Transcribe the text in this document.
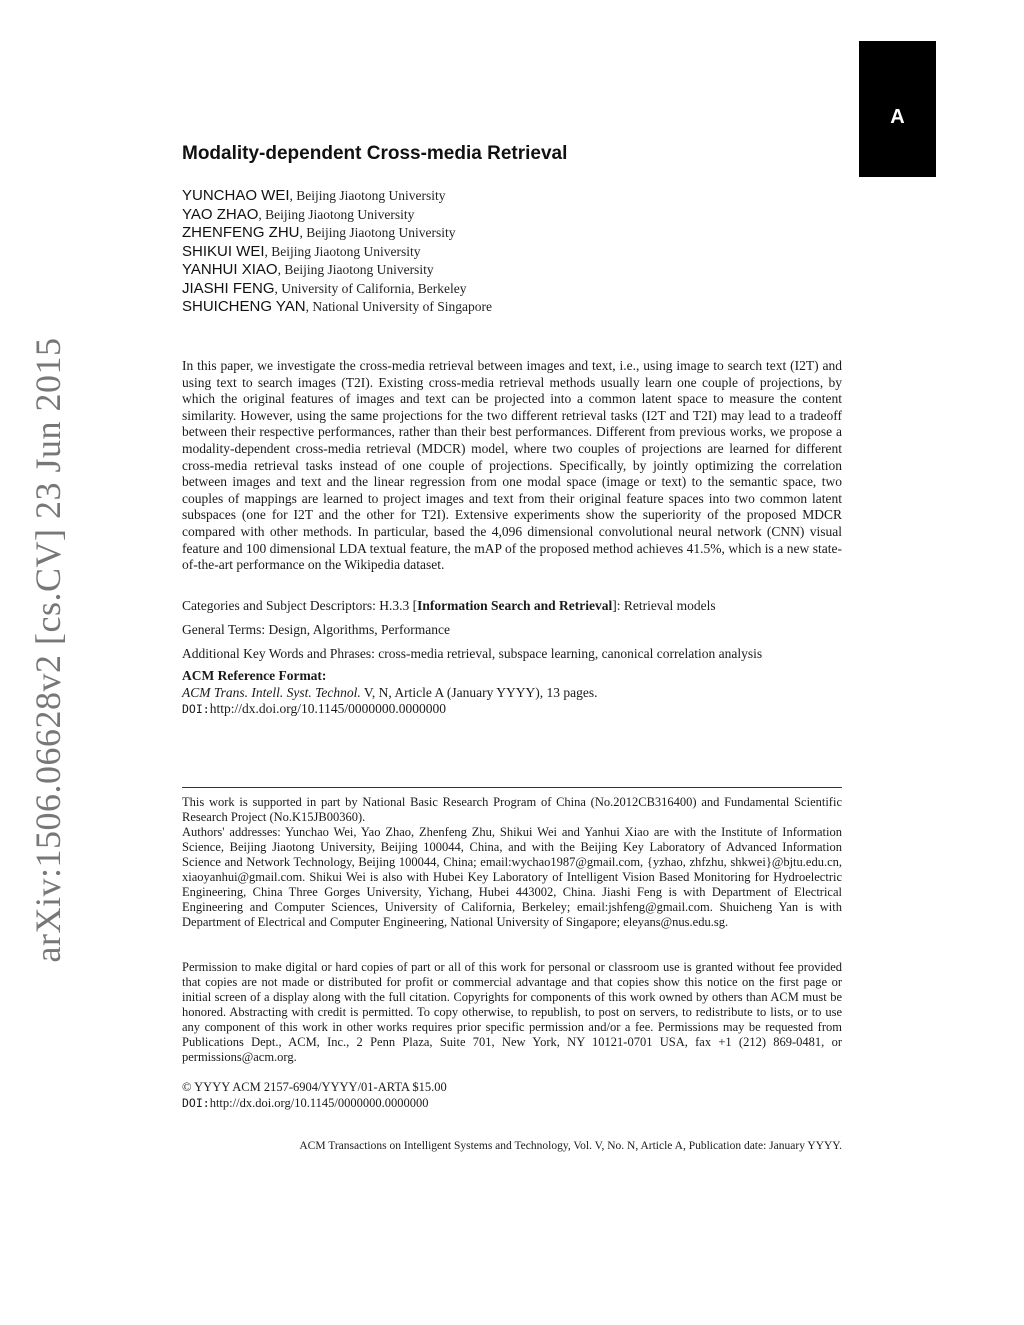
A
arXiv:1506.06628v2 [cs.CV] 23 Jun 2015
Modality-dependent Cross-media Retrieval
YUNCHAO WEI, Beijing Jiaotong University
YAO ZHAO, Beijing Jiaotong University
ZHENFENG ZHU, Beijing Jiaotong University
SHIKUI WEI, Beijing Jiaotong University
YANHUI XIAO, Beijing Jiaotong University
JIASHI FENG, University of California, Berkeley
SHUICHENG YAN, National University of Singapore

In this paper, we investigate the cross-media retrieval between images and text, i.e., using image to search text (I2T) and using text to search images (T2I). Existing cross-media retrieval methods usually learn one couple of projections, by which the original features of images and text can be projected into a common latent space to measure the content similarity. However, using the same projections for the two different retrieval tasks (I2T and T2I) may lead to a tradeoff between their respective performances, rather than their best performances. Different from previous works, we propose a modality-dependent cross-media retrieval (MDCR) model, where two couples of projections are learned for different cross-media retrieval tasks instead of one couple of projections. Specifically, by jointly optimizing the correlation between images and text and the linear regression from one modal space (image or text) to the semantic space, two couples of mappings are learned to project images and text from their original feature spaces into two common latent subspaces (one for I2T and the other for T2I). Extensive experiments show the superiority of the proposed MDCR compared with other methods. In particular, based the 4,096 dimensional convolutional neural network (CNN) visual feature and 100 dimensional LDA textual feature, the mAP of the proposed method achieves 41.5%, which is a new state-of-the-art performance on the Wikipedia dataset.

Categories and Subject Descriptors: H.3.3 [Information Search and Retrieval]: Retrieval models

General Terms: Design, Algorithms, Performance

Additional Key Words and Phrases: cross-media retrieval, subspace learning, canonical correlation analysis

ACM Reference Format:
ACM Trans. Intell. Syst. Technol. V, N, Article A (January YYYY), 13 pages.
DOI:http://dx.doi.org/10.1145/0000000.0000000

This work is supported in part by National Basic Research Program of China (No.2012CB316400) and Fundamental Scientific Research Project (No.K15JB00360).

Authors' addresses: Yunchao Wei, Yao Zhao, Zhenfeng Zhu, Shikui Wei and Yanhui Xiao are with the Institute of Information Science, Beijing Jiaotong University, Beijing 100044, China, and with the Beijing Key Laboratory of Advanced Information Science and Network Technology, Beijing 100044, China; email:wychao1987@gmail.com, {yzhao, zhfzhu, shkwei}@bjtu.edu.cn, xiaoyanhui@gmail.com. Shikui Wei is also with Hubei Key Laboratory of Intelligent Vision Based Monitoring for Hydroelectric Engineering, China Three Gorges University, Yichang, Hubei 443002, China. Jiashi Feng is with Department of Electrical Engineering and Computer Sciences, University of California, Berkeley; email:jshfeng@gmail.com. Shuicheng Yan is with Department of Electrical and Computer Engineering, National University of Singapore; eleyans@nus.edu.sg.

Permission to make digital or hard copies of part or all of this work for personal or classroom use is granted without fee provided that copies are not made or distributed for profit or commercial advantage and that copies show this notice on the first page or initial screen of a display along with the full citation. Copyrights for components of this work owned by others than ACM must be honored. Abstracting with credit is permitted. To copy otherwise, to republish, to post on servers, to redistribute to lists, or to use any component of this work in other works requires prior specific permission and/or a fee. Permissions may be requested from Publications Dept., ACM, Inc., 2 Penn Plaza, Suite 701, New York, NY 10121-0701 USA, fax +1 (212) 869-0481, or permissions@acm.org.

© YYYY ACM 2157-6904/YYYY/01-ARTA $15.00

DOI:http://dx.doi.org/10.1145/0000000.0000000

ACM Transactions on Intelligent Systems and Technology, Vol. V, No. N, Article A, Publication date: January YYYY.
